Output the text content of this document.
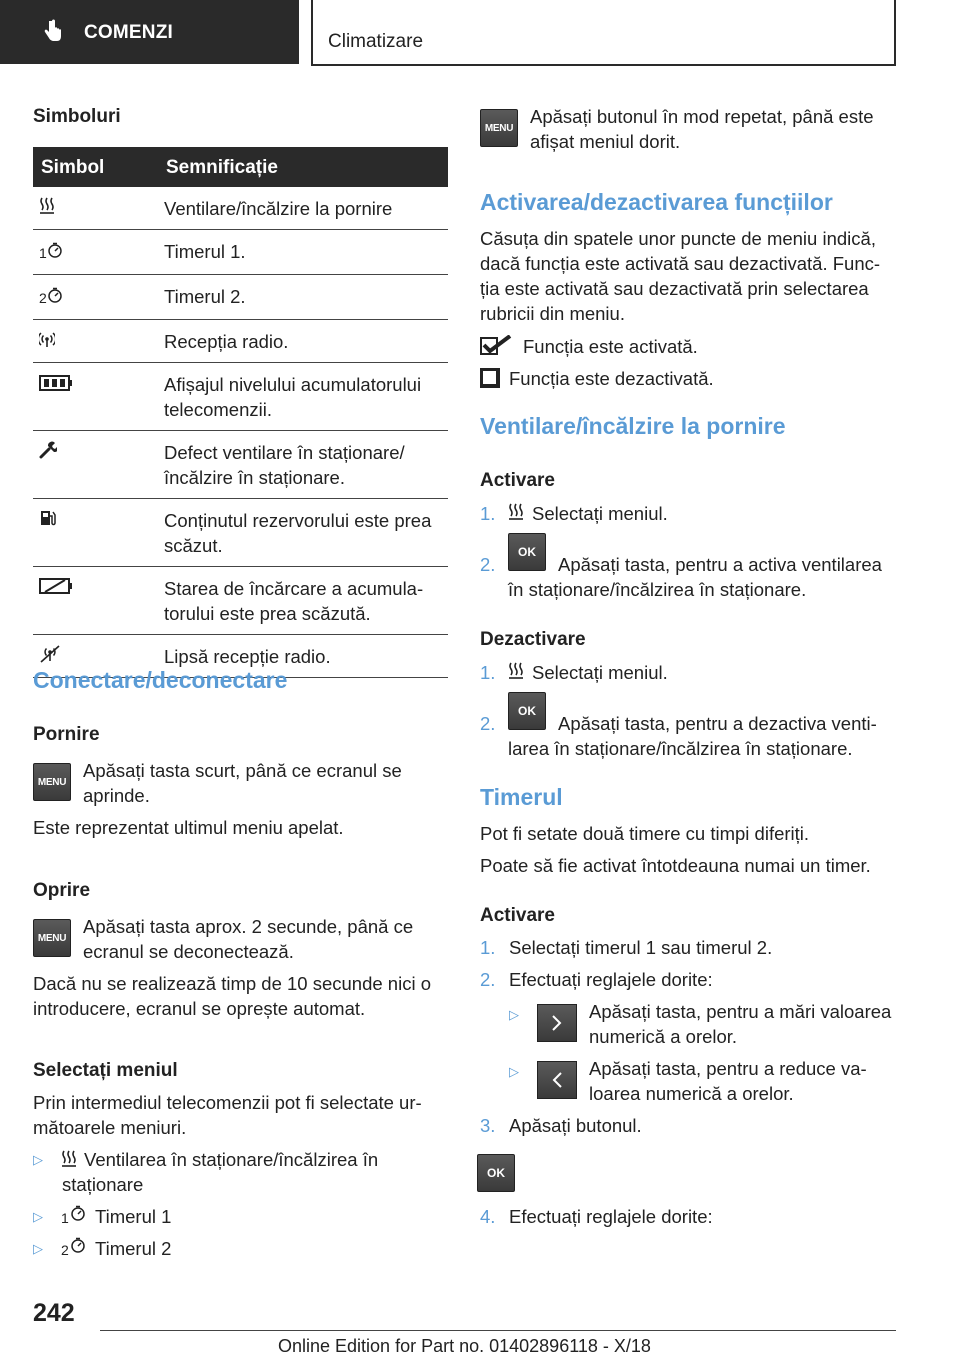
COMENZI	Climatizare
Simboluri
Simbol	Semnificație
	Ventilare/încălzire la pornire
1	Timerul 1.
2	Timerul 2.
	Recepția radio.
	Afișajul nivelului acumulatorului telecomenzii.
	Defect ventilare în staționare/ încălzire în staționare.
	Conținutul rezervorului este prea scăzut.
	Starea de încărcare a acumula- torului este prea scăzută.
	Lipsă recepție radio.
Conectare/deconectare
Pornire
MENU
Apăsați tasta scurt, până ce ecranul se aprinde.
Este reprezentat ultimul meniu apelat.
Oprire
MENU
Apăsați tasta aprox. 2 secunde, până ce ecranul se deconectează.
Dacă nu se realizează timp de 10 secunde nici o introducere, ecranul se oprește automat.
Selectați meniul
Prin intermediul telecomenzii pot fi selectate ur- mătoarele meniuri.
▷	Ventilarea în staționare/încălzirea în staționare
▷ 1 Timerul 1
▷ 2 Timerul 2
MENU
Apăsați butonul în mod repetat, până este afișat meniul dorit.
Activarea/dezactivarea funcțiilor
Căsuța din spatele unor puncte de meniu indică, dacă funcția este activată sau dezactivată. Func- ția este activată sau dezactivată prin selectarea rubricii din meniu.
Funcția este activată.
Funcția este dezactivată.
Ventilare/încălzire la pornire
Activare
1. Selectați meniul.
2.
OK
Apăsați tasta, pentru a activa ventilarea în staționare/încălzirea în staționare.
Dezactivare
1. Selectați meniul.
2.
OK
Apăsați tasta, pentru a dezactiva venti- larea în staționare/încălzirea în staționare.
Timerul
Pot fi setate două timere cu timpi diferiți.
Poate să fie activat întotdeauna numai un timer.
Activare
1. Selectați timerul 1 sau timerul 2.
2. Efectuați reglajele dorite:
▷	Apăsați tasta, pentru a mări valoarea numerică a orelor.
▷	Apăsați tasta, pentru a reduce va- loarea numerică a orelor.
3. Apăsați butonul.
OK
4. Efectuați reglajele dorite:
242
Online Edition for Part no. 01402896118 - X/18
